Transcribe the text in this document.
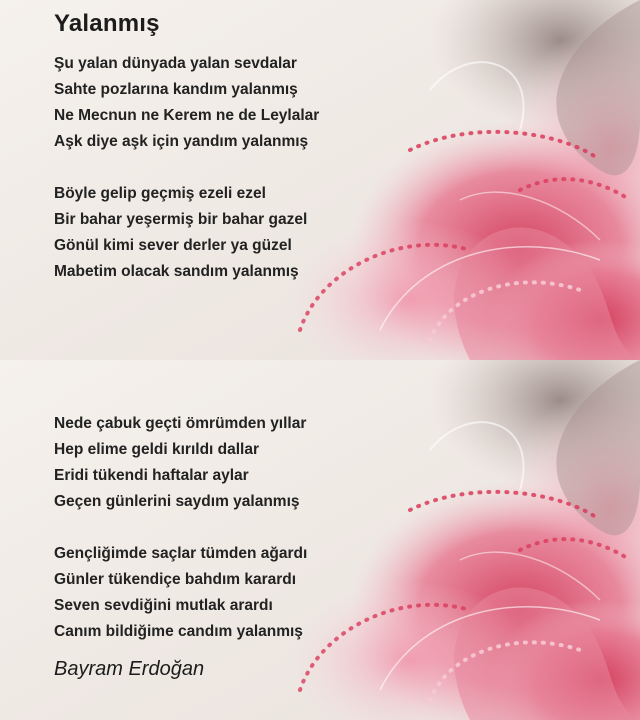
Yalanmış
Şu yalan dünyada yalan sevdalar
Sahte pozlarına kandım yalanmış
Ne Mecnun ne Kerem ne de Leylalar
Aşk diye aşk için yandım yalanmış
Böyle gelip geçmiş ezeli ezel
Bir bahar yeşermiş bir bahar gazel
Gönül kimi sever derler ya güzel
Mabetim olacak sandım yalanmış
Nede çabuk geçti ömrümden yıllar
Hep elime geldi kırıldı dallar
Eridi tükendi haftalar aylar
Geçen günlerini saydım yalanmış
Gençliğimde saçlar tümden ağardı
Günler tükendiçe bahdım karardı
Seven sevdiğini mutlak arardı
Canım bildiğime candım yalanmış

Bayram Erdoğan
